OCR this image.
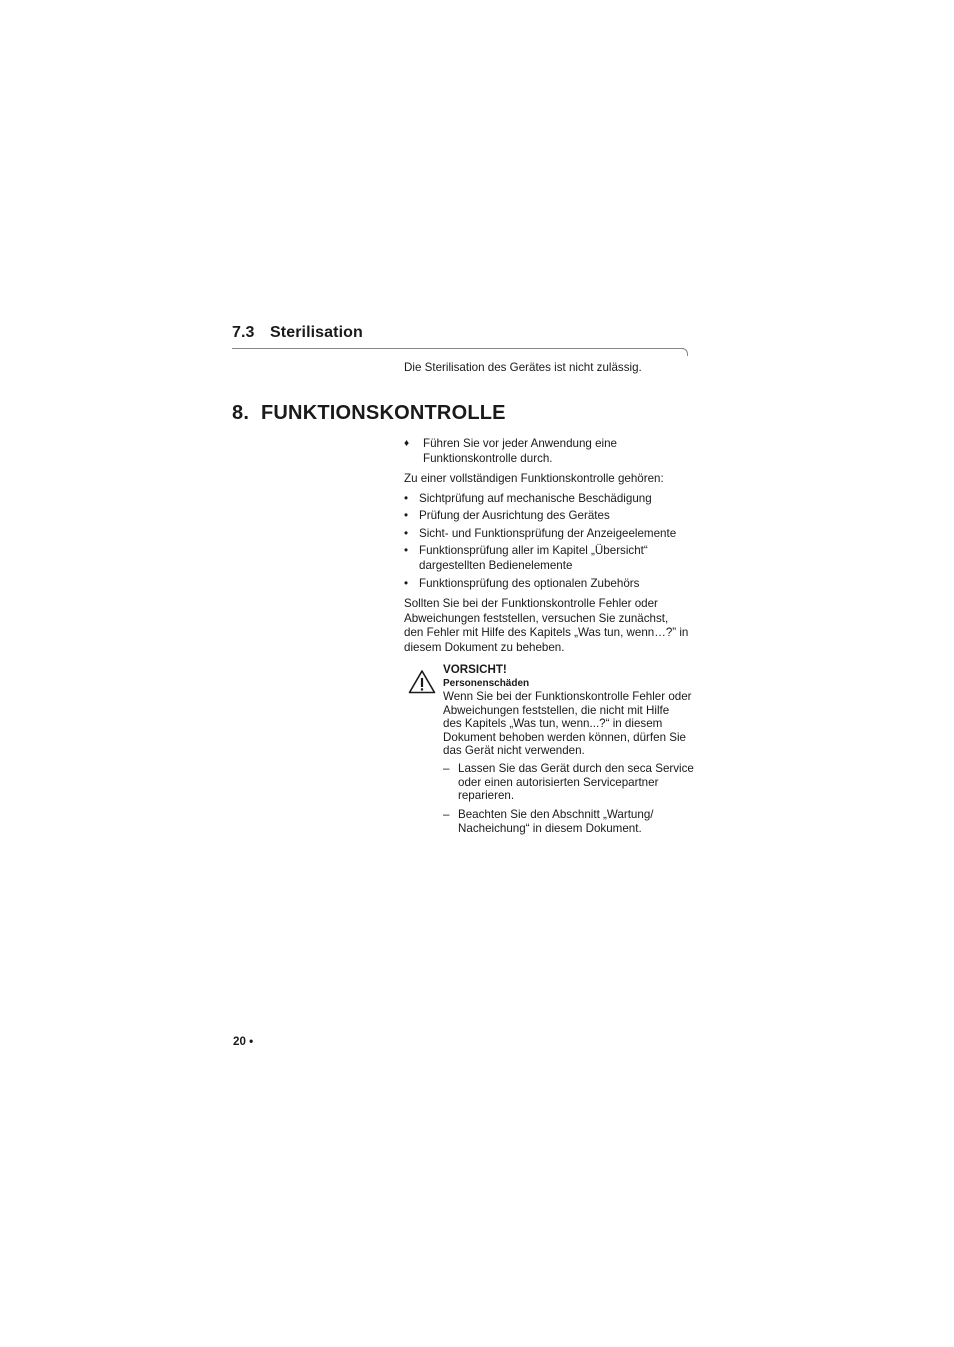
7.3 Sterilisation
Die Sterilisation des Gerätes ist nicht zulässig.
8. FUNKTIONSKONTROLLE
♦ Führen Sie vor jeder Anwendung eine
Funktionskontrolle durch.
Zu einer vollständigen Funktionskontrolle gehören:
• Sichtprüfung auf mechanische Beschädigung
• Prüfung der Ausrichtung des Gerätes
• Sicht- und Funktionsprüfung der Anzeigeelemente
• Funktionsprüfung aller im Kapitel „Übersicht“
dargestellten Bedienelemente
• Funktionsprüfung des optionalen Zubehörs
Sollten Sie bei der Funktionskontrolle Fehler oder
Abweichungen feststellen, versuchen Sie zunächst,
den Fehler mit Hilfe des Kapitels „Was tun, wenn…?” in
diesem Dokument zu beheben.
VORSICHT!
Personenschäden
Wenn Sie bei der Funktionskontrolle Fehler oder
Abweichungen feststellen, die nicht mit Hilfe
des Kapitels „Was tun, wenn...?“ in diesem
Dokument behoben werden können, dürfen Sie
das Gerät nicht verwenden.
– Lassen Sie das Gerät durch den seca Service
oder einen autorisierten Servicepartner
reparieren.
– Beachten Sie den Abschnitt „Wartung/
Nacheichung“ in diesem Dokument.
20 •
